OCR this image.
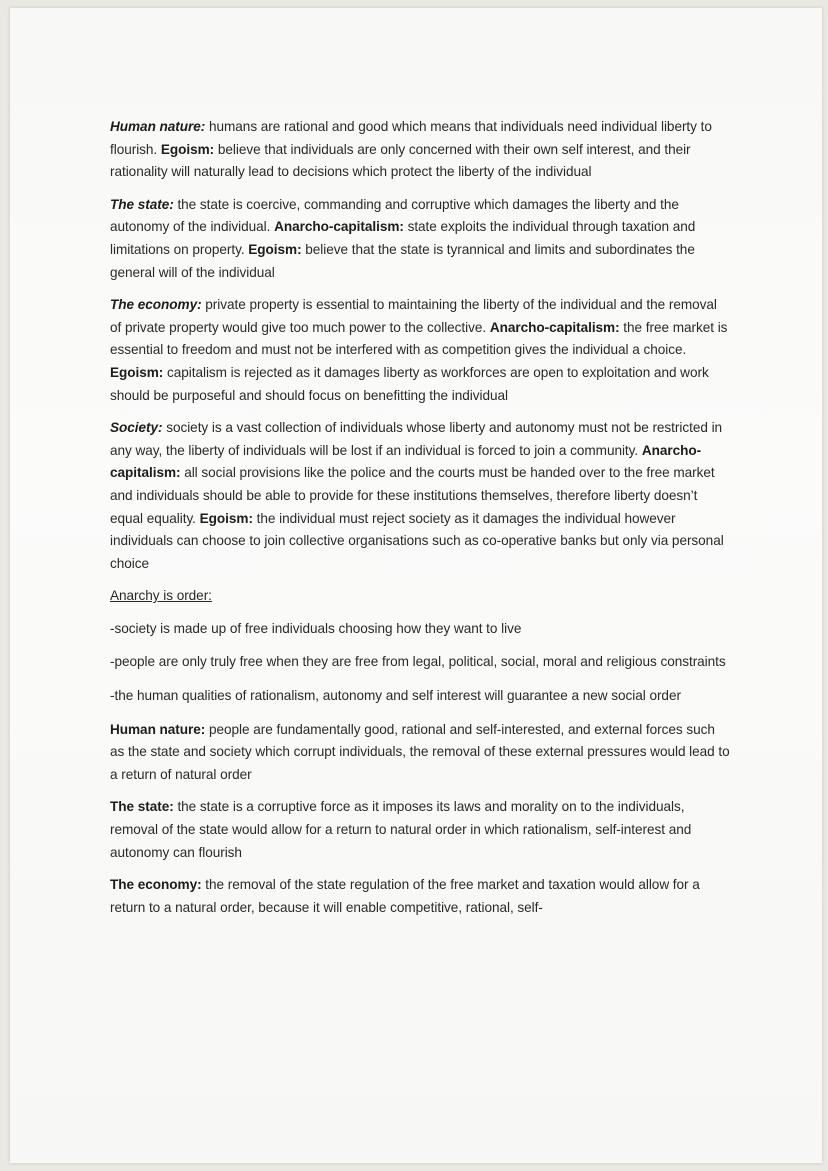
Human nature: humans are rational and good which means that individuals need individual liberty to flourish. Egoism: believe that individuals are only concerned with their own self interest, and their rationality will naturally lead to decisions which protect the liberty of the individual

The state: the state is coercive, commanding and corruptive which damages the liberty and the autonomy of the individual. Anarcho-capitalism: state exploits the individual through taxation and limitations on property. Egoism: believe that the state is tyrannical and limits and subordinates the general will of the individual

The economy: private property is essential to maintaining the liberty of the individual and the removal of private property would give too much power to the collective. Anarcho-capitalism: the free market is essential to freedom and must not be interfered with as competition gives the individual a choice. Egoism: capitalism is rejected as it damages liberty as workforces are open to exploitation and work should be purposeful and should focus on benefitting the individual

Society: society is a vast collection of individuals whose liberty and autonomy must not be restricted in any way, the liberty of individuals will be lost if an individual is forced to join a community. Anarcho-capitalism: all social provisions like the police and the courts must be handed over to the free market and individuals should be able to provide for these institutions themselves, therefore liberty doesn’t equal equality. Egoism: the individual must reject society as it damages the individual however individuals can choose to join collective organisations such as co-operative banks but only via personal choice

Anarchy is order:

-society is made up of free individuals choosing how they want to live

-people are only truly free when they are free from legal, political, social, moral and religious constraints

-the human qualities of rationalism, autonomy and self interest will guarantee a new social order

Human nature: people are fundamentally good, rational and self-interested, and external forces such as the state and society which corrupt individuals, the removal of these external pressures would lead to a return of natural order

The state: the state is a corruptive force as it imposes its laws and morality on to the individuals, removal of the state would allow for a return to natural order in which rationalism, self-interest and autonomy can flourish

The economy: the removal of the state regulation of the free market and taxation would allow for a return to a natural order, because it will enable competitive, rational, self-
